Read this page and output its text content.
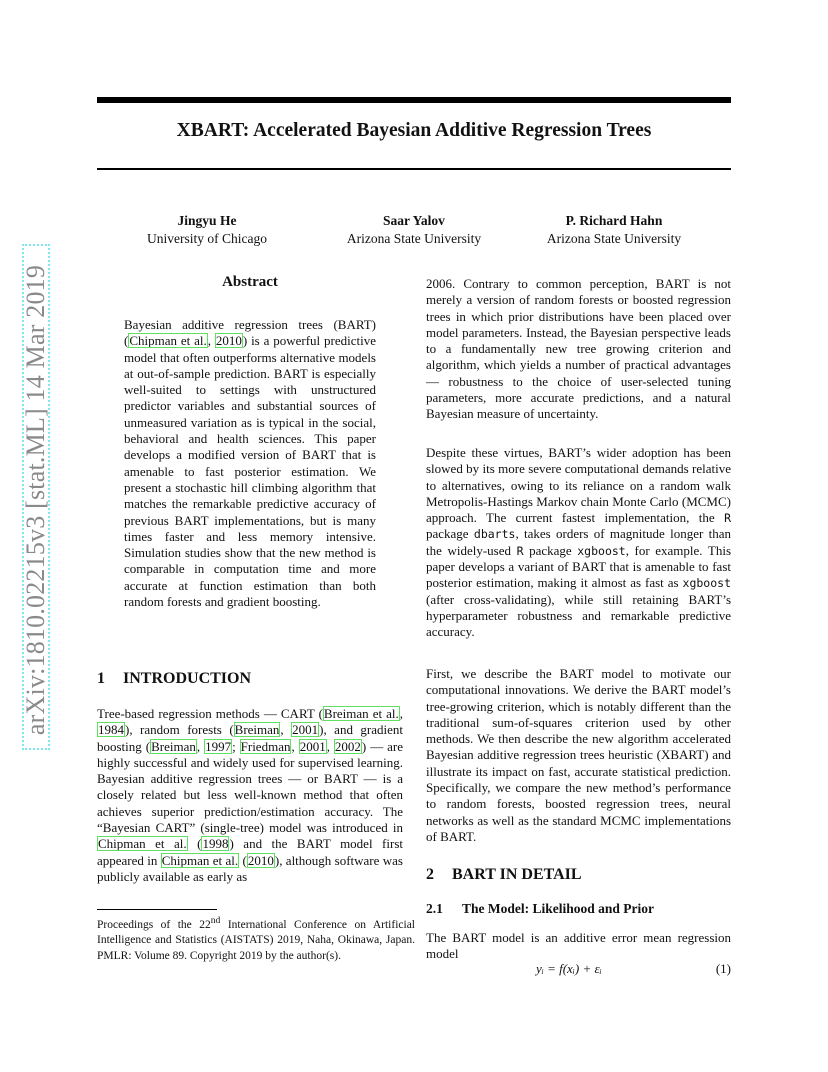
arXiv:1810.02215v3 [stat.ML] 14 Mar 2019
XBART: Accelerated Bayesian Additive Regression Trees
Jingyu He
University of Chicago
Saar Yalov
Arizona State University
P. Richard Hahn
Arizona State University
Abstract

Bayesian additive regression trees (BART) (Chipman et al., 2010) is a powerful predictive model that often outperforms alternative models at out-of-sample prediction. BART is especially well-suited to settings with unstructured predictor variables and substantial sources of unmeasured variation as is typical in the social, behavioral and health sciences. This paper develops a modified version of BART that is amenable to fast posterior estimation. We present a stochastic hill climbing algorithm that matches the remarkable predictive accuracy of previous BART implementations, but is many times faster and less memory intensive. Simulation studies show that the new method is comparable in computation time and more accurate at function estimation than both random forests and gradient boosting.

1 INTRODUCTION

Tree-based regression methods — CART (Breiman et al., 1984), random forests (Breiman, 2001), and gradient boosting (Breiman, 1997; Friedman, 2001, 2002) — are highly successful and widely used for supervised learning. Bayesian additive regression trees — or BART — is a closely related but less well-known method that often achieves superior prediction/estimation accuracy. The “Bayesian CART” (single-tree) model was introduced in Chipman et al. (1998) and the BART model first appeared in Chipman et al. (2010), although software was publicly available as early as

Proceedings of the 22nd International Conference on Artificial Intelligence and Statistics (AISTATS) 2019, Naha, Okinawa, Japan. PMLR: Volume 89. Copyright 2019 by the author(s).

2006. Contrary to common perception, BART is not merely a version of random forests or boosted regression trees in which prior distributions have been placed over model parameters. Instead, the Bayesian perspective leads to a fundamentally new tree growing criterion and algorithm, which yields a number of practical advantages — robustness to the choice of user-selected tuning parameters, more accurate predictions, and a natural Bayesian measure of uncertainty.

Despite these virtues, BART’s wider adoption has been slowed by its more severe computational demands relative to alternatives, owing to its reliance on a random walk Metropolis-Hastings Markov chain Monte Carlo (MCMC) approach. The current fastest implementation, the R package dbarts, takes orders of magnitude longer than the widely-used R package xgboost, for example. This paper develops a variant of BART that is amenable to fast posterior estimation, making it almost as fast as xgboost (after cross-validating), while still retaining BART’s hyperparameter robustness and remarkable predictive accuracy.

First, we describe the BART model to motivate our computational innovations. We derive the BART model’s tree-growing criterion, which is notably different than the traditional sum-of-squares criterion used by other methods. We then describe the new algorithm accelerated Bayesian additive regression trees heuristic (XBART) and illustrate its impact on fast, accurate statistical prediction. Specifically, we compare the new method’s performance to random forests, boosted regression trees, neural networks as well as the standard MCMC implementations of BART.

2 BART IN DETAIL
2.1 The Model: Likelihood and Prior

The BART model is an additive error mean regression model

yᵢ = f(xᵢ) + εᵢ	(1)
